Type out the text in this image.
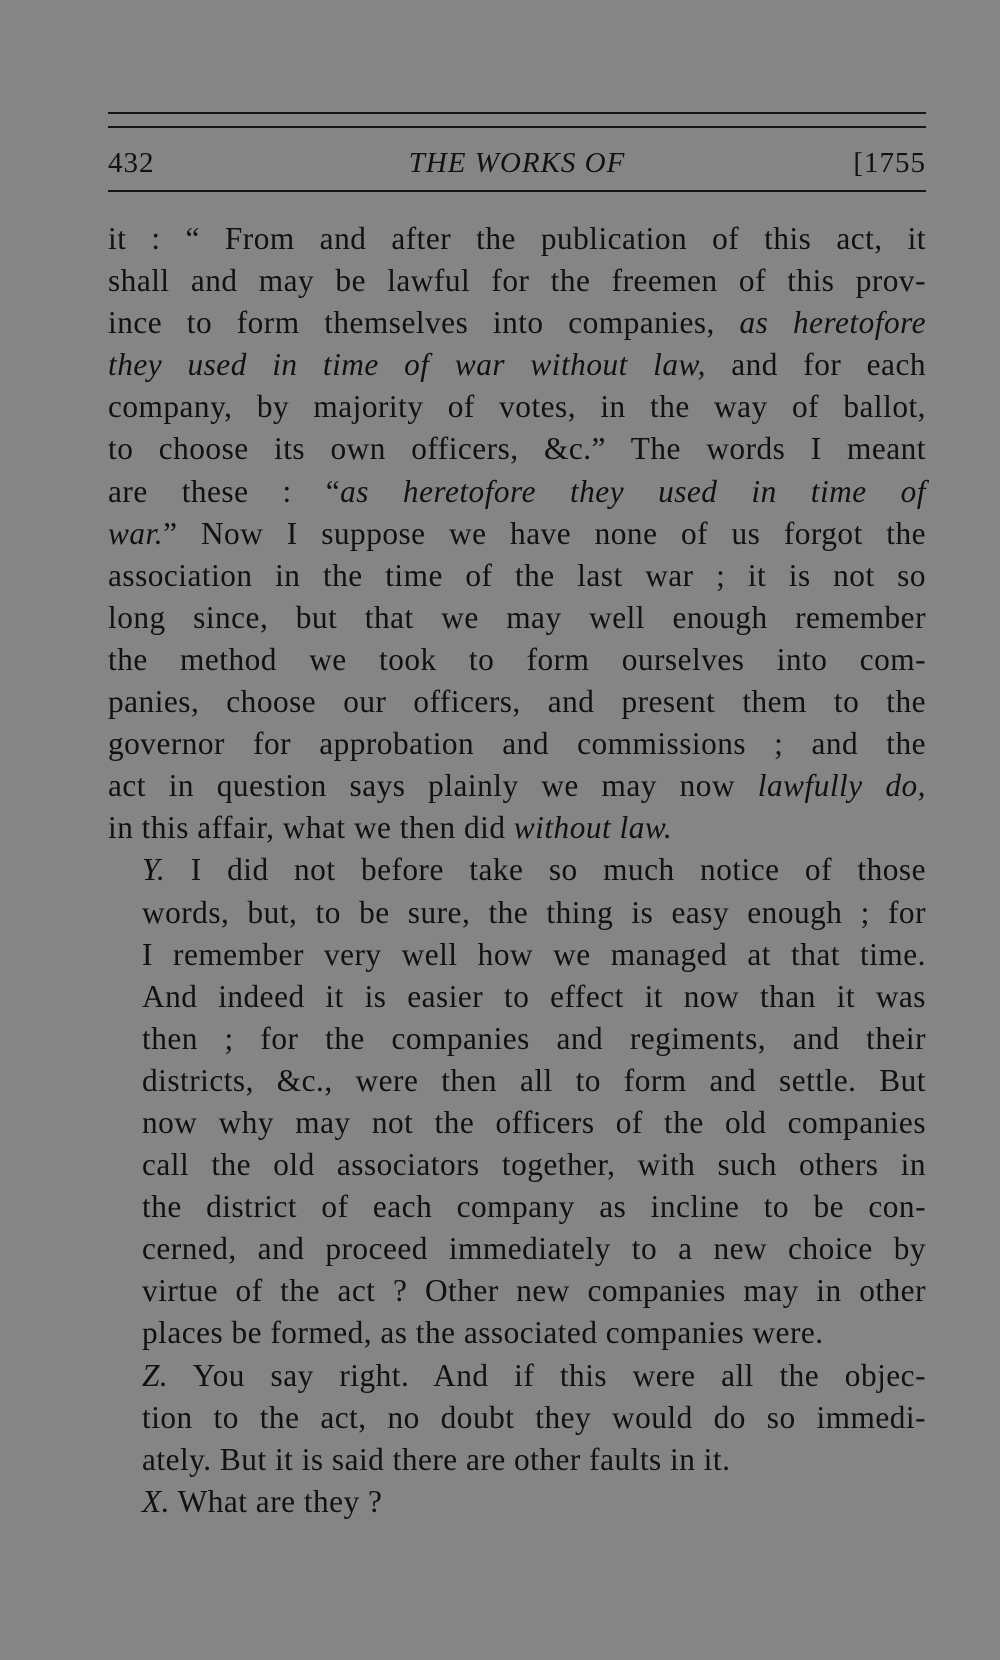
432	THE WORKS OF	[1755

it : “ From and after the publication of this act, it
shall and may be lawful for the freemen of this prov-
ince to form themselves into companies, as heretofore
they used in time of war without law, and for each
company, by majority of votes, in the way of ballot,
to choose its own officers, &c.” The words I meant
are these : “as heretofore they used in time of
war.” Now I suppose we have none of us forgot the
association in the time of the last war ; it is not so
long since, but that we may well enough remember
the method we took to form ourselves into com-
panies, choose our officers, and present them to the
governor for approbation and commissions ; and the
act in question says plainly we may now lawfully do,
in this affair, what we then did without law.

Y. I did not before take so much notice of those
words, but, to be sure, the thing is easy enough ; for
I remember very well how we managed at that time.
And indeed it is easier to effect it now than it was
then ; for the companies and regiments, and their
districts, &c., were then all to form and settle. But
now why may not the officers of the old companies
call the old associators together, with such others in
the district of each company as incline to be con-
cerned, and proceed immediately to a new choice by
virtue of the act ? Other new companies may in other
places be formed, as the associated companies were.

Z. You say right. And if this were all the objec-
tion to the act, no doubt they would do so immedi-
ately. But it is said there are other faults in it.

X. What are they ?
